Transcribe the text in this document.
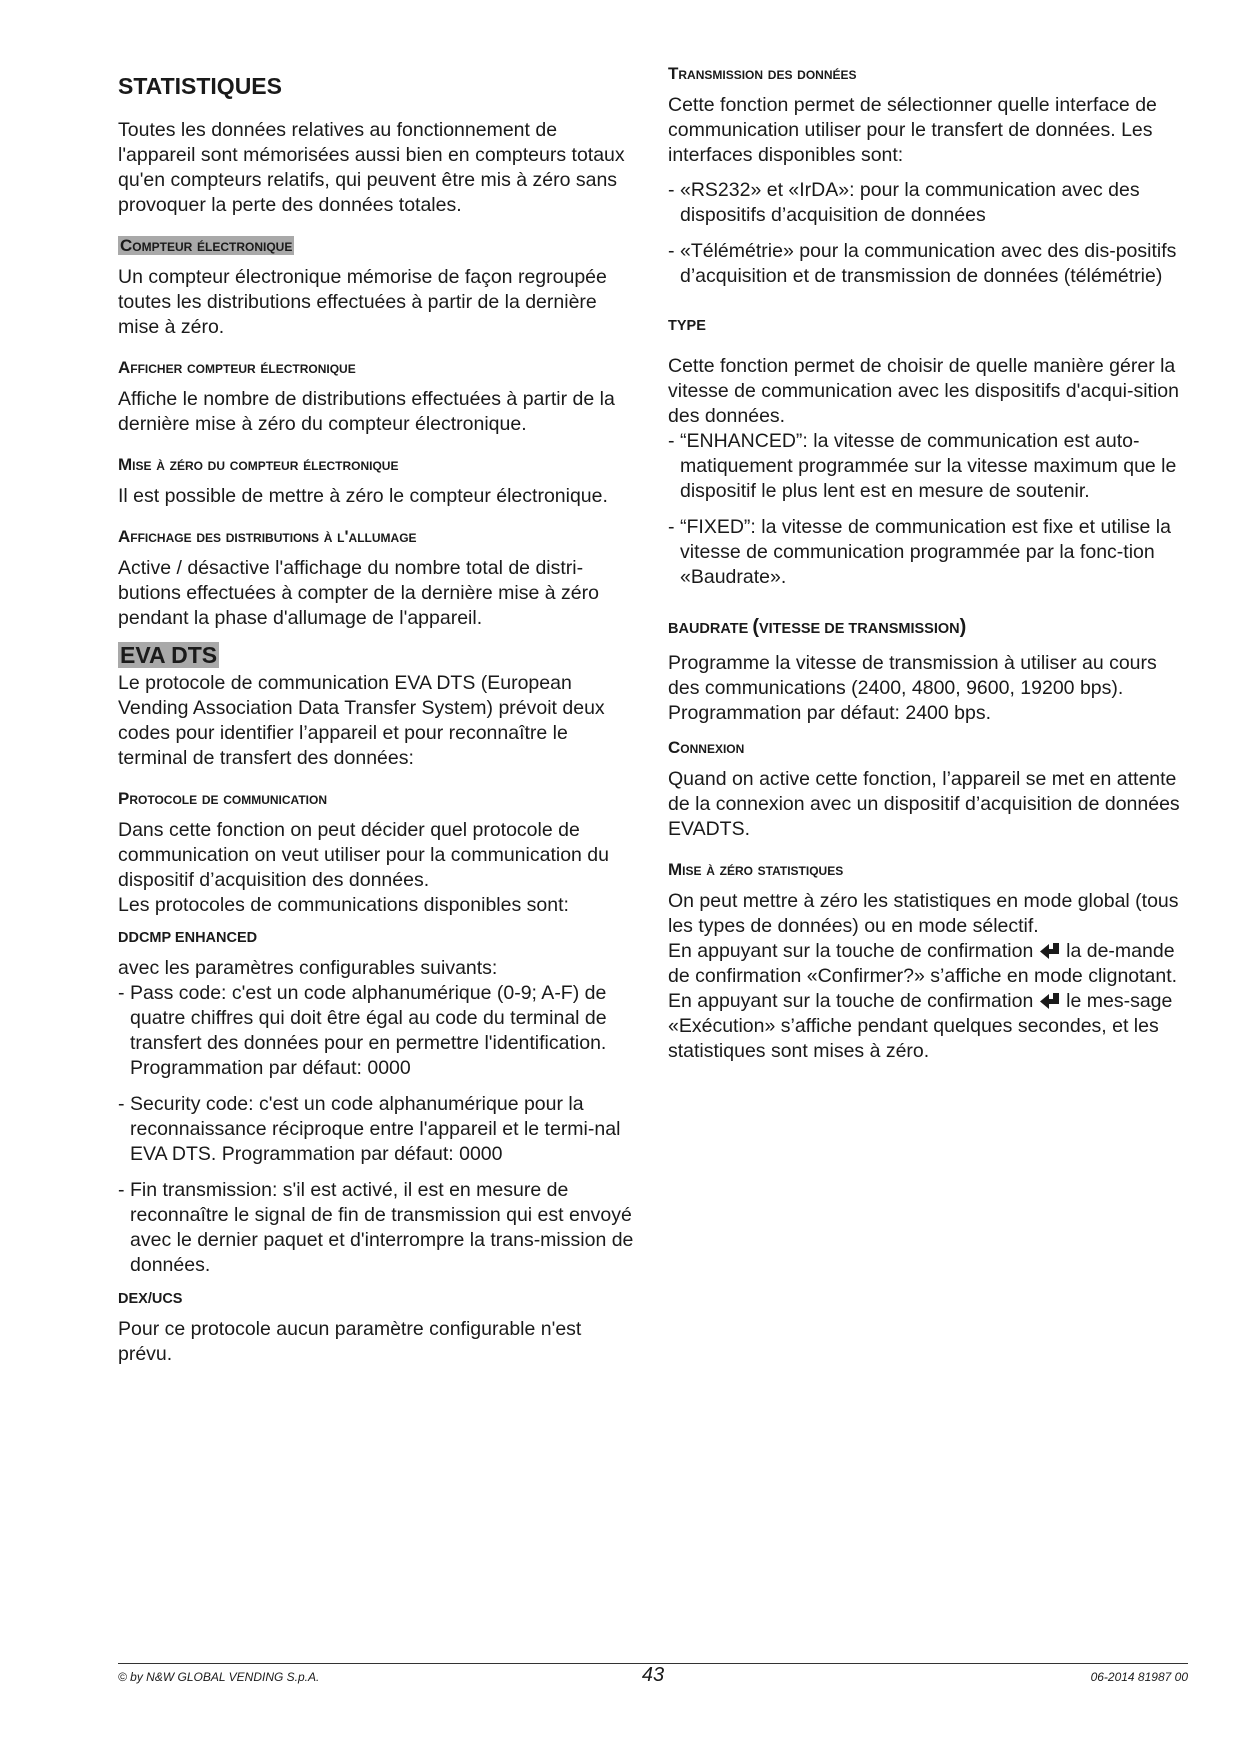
STATISTIQUES

Toutes les données relatives au fonctionnement de l'appareil sont mémorisées aussi bien en compteurs totaux qu'en compteurs relatifs, qui peuvent être mis à zéro sans provoquer la perte des données totales.

Compteur électronique

Un compteur électronique mémorise de façon regroupée toutes les distributions effectuées à partir de la dernière mise à zéro.

Afficher compteur électronique

Affiche le nombre de distributions effectuées à partir de la dernière mise à zéro du compteur électronique.

Mise à zéro du compteur électronique

Il est possible de mettre à zéro le compteur électronique.

Affichage des distributions à l'allumage

Active / désactive l'affichage du nombre total de distri-butions effectuées à compter de la dernière mise à zéro pendant la phase d'allumage de l'appareil.

EVA DTS

Le protocole de communication EVA DTS (European Vending Association Data Transfer System) prévoit deux codes pour identifier l’appareil et pour reconnaître le terminal de transfert des données:

Protocole de communication

Dans cette fonction on peut décider quel protocole de communication on veut utiliser pour la communication du dispositif d’acquisition des données.

Les protocoles de communications disponibles sont:

DDCMP ENHANCED

avec les paramètres configurables suivants:

- Pass code: c'est un code alphanumérique (0-9; A-F) de quatre chiffres qui doit être égal au code du terminal de transfert des données pour en permettre l'identification. Programmation par défaut: 0000
- Security code: c'est un code alphanumérique pour la reconnaissance réciproque entre l'appareil et le termi-nal EVA DTS. Programmation par défaut: 0000
- Fin transmission: s'il est activé, il est en mesure de reconnaître le signal de fin de transmission qui est envoyé avec le dernier paquet et d'interrompre la trans-mission de données.
DEX/UCS

Pour ce protocole aucun paramètre configurable n'est prévu.

Transmission des données

Cette fonction permet de sélectionner quelle interface de communication utiliser pour le transfert de données. Les interfaces disponibles sont:

- «RS232» et «IrDA»: pour la communication avec des dispositifs d’acquisition de données
- «Télémétrie» pour la communication avec des dis-positifs d’acquisition et de transmission de données (télémétrie)
TYPE

Cette fonction permet de choisir de quelle manière gérer la vitesse de communication avec les dispositifs d'acqui-sition des données.

- “ENHANCED”: la vitesse de communication est auto-matiquement programmée sur la vitesse maximum que le dispositif le plus lent est en mesure de soutenir.
- “FIXED”: la vitesse de communication est fixe et utilise la vitesse de communication programmée par la fonc-tion «Baudrate».
BAUDRATE (VITESSE DE TRANSMISSION)

Programme la vitesse de transmission à utiliser au cours des communications (2400, 4800, 9600, 19200 bps). Programmation par défaut: 2400 bps.

Connexion

Quand on active cette fonction, l’appareil se met en attente de la connexion avec un dispositif d’acquisition de données EVADTS.

Mise à zéro statistiques

On peut mettre à zéro les statistiques en mode global (tous les types de données) ou en mode sélectif.

En appuyant sur la touche de confirmation  la de-mande de confirmation «Confirmer?» s’affiche en mode clignotant.

En appuyant sur la touche de confirmation  le mes-sage «Exécution» s’affiche pendant quelques secondes, et les statistiques sont mises à zéro.

© by N&W GLOBAL VENDING S.p.A.	43	06-2014 81987 00
